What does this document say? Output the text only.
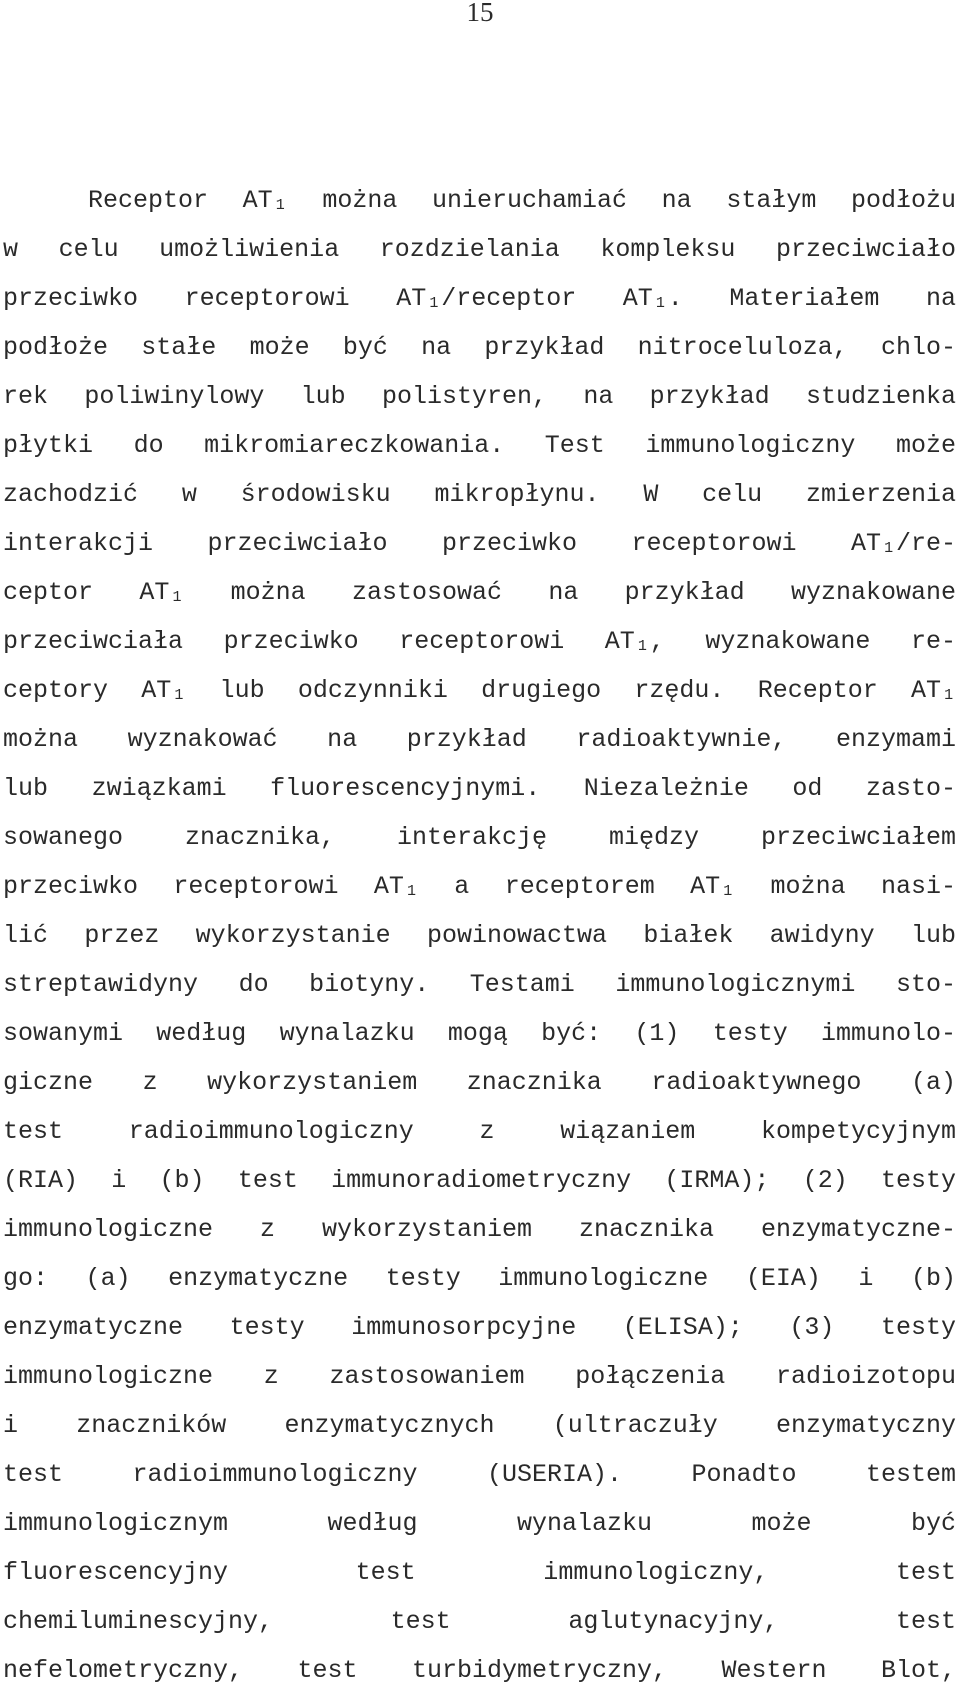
15
Receptor AT₁ można unieruchamiać na stałym podłożu
w celu umożliwienia rozdzielania kompleksu przeciwciało
przeciwko receptorowi AT₁/receptor AT₁. Materiałem na
podłoże stałe może być na przykład nitroceluloza, chlo-
rek poliwinylowy lub polistyren, na przykład studzienka
płytki do mikromiareczkowania. Test immunologiczny może
zachodzić w środowisku mikropłynu. W celu zmierzenia
interakcji przeciwciało przeciwko receptorowi AT₁/re-
ceptor AT₁ można zastosować na przykład wyznakowane
przeciwciała przeciwko receptorowi AT₁, wyznakowane re-
ceptory AT₁ lub odczynniki drugiego rzędu. Receptor AT₁
można wyznakować na przykład radioaktywnie, enzymami
lub związkami fluorescencyjnymi. Niezależnie od zasto-
sowanego znacznika, interakcję między przeciwciałem
przeciwko receptorowi AT₁ a receptorem AT₁ można nasi-
lić przez wykorzystanie powinowactwa białek awidyny lub
streptawidyny do biotyny. Testami immunologicznymi sto-
sowanymi według wynalazku mogą być: (1) testy immunolo-
giczne z wykorzystaniem znacznika radioaktywnego (a)
test radioimmunologiczny z wiązaniem kompetycyjnym
(RIA) i (b) test immunoradiometryczny (IRMA); (2) testy
immunologiczne z wykorzystaniem znacznika enzymatyczne-
go: (a) enzymatyczne testy immunologiczne (EIA) i (b)
enzymatyczne testy immunosorpcyjne (ELISA); (3) testy
immunologiczne z zastosowaniem połączenia radioizotopu
i znaczników enzymatycznych (ultraczuły enzymatyczny
test radioimmunologiczny (USERIA). Ponadto testem
immunologicznym według wynalazku może być
fluorescencyjny test immunologiczny, test
chemiluminescyjny, test aglutynacyjny, test
nefelometryczny, test turbidymetryczny, Western Blot,
